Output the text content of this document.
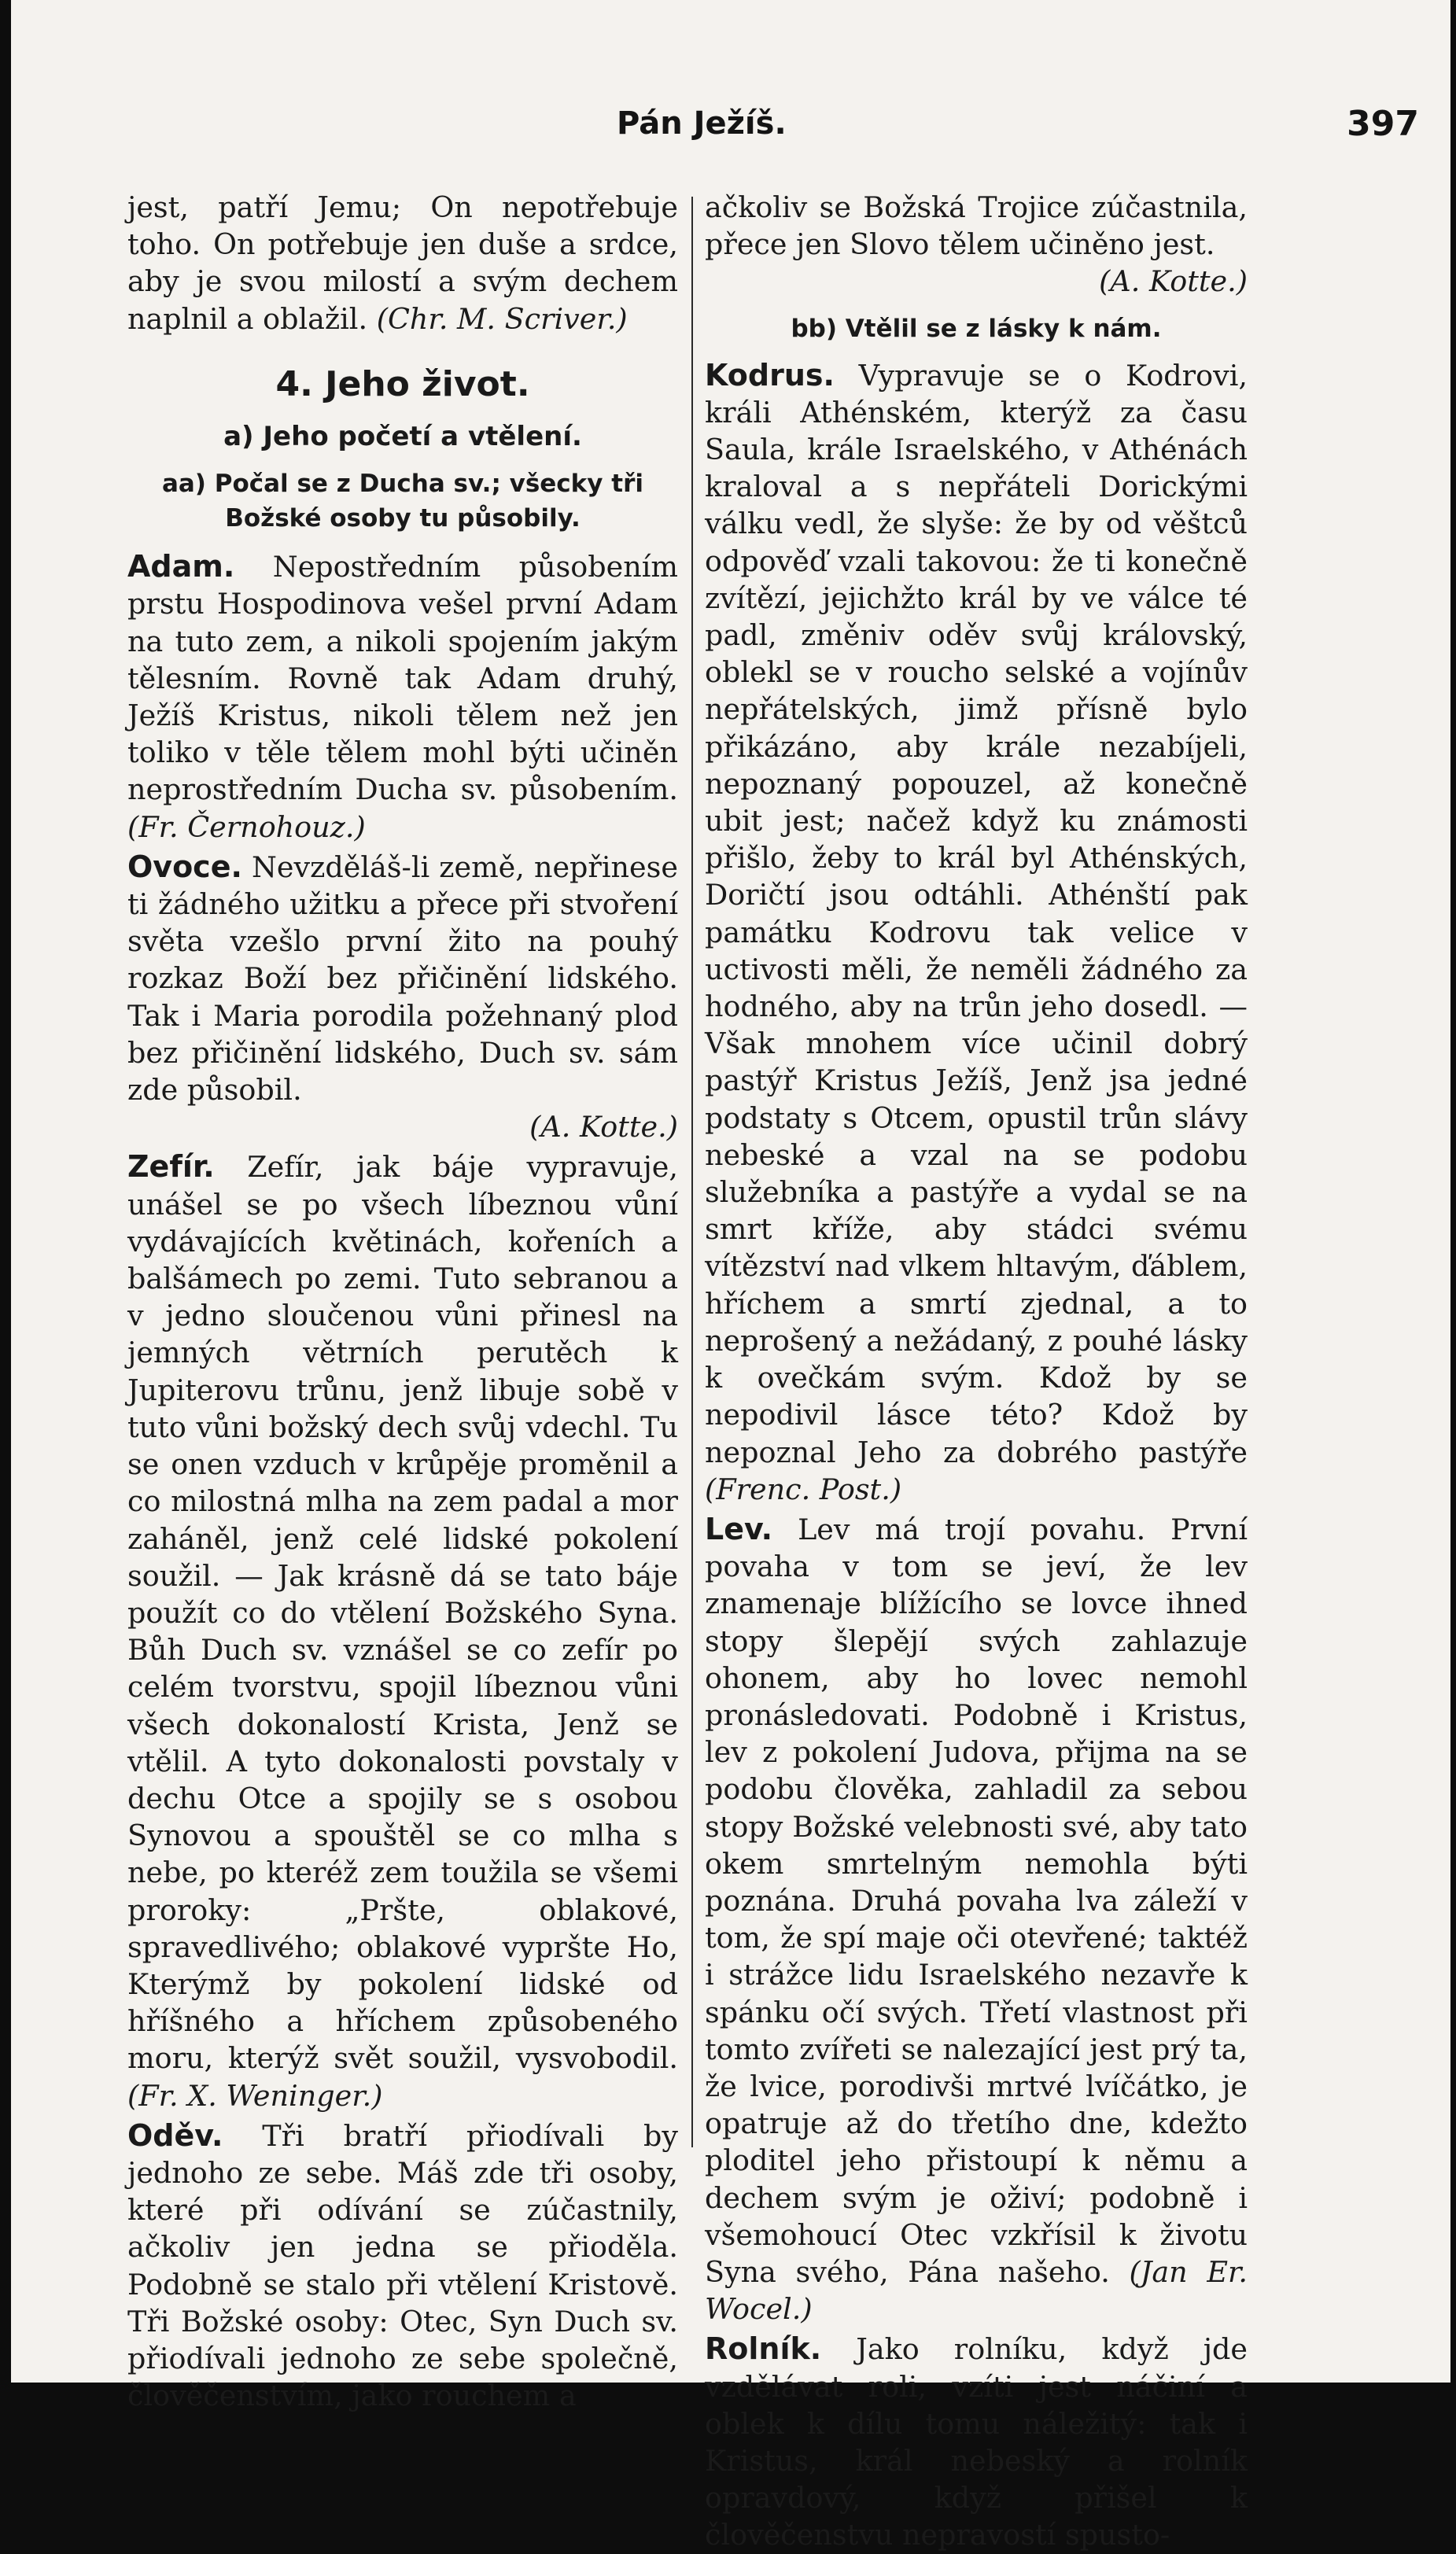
Pán Ježíš.	397

jest, patří Jemu; On nepotřebuje toho. On potřebuje jen duše a srdce, aby je svou milostí a svým dechem naplnil a oblažil. (Chr. M. Scriver.)

4. Jeho život.
a) Jeho početí a vtělení.
aa) Počal se z Ducha sv.; všecky tři Božské osoby tu působily.

Adam. Nepostředním působením prstu Hospodinova vešel první Adam na tuto zem, a nikoli spojením jakým tělesním. Rovně tak Adam druhý, Ježíš Kristus, nikoli tělem než jen toliko v těle tělem mohl býti učiněn neprostředním Ducha sv. působením. (Fr. Černohouz.)

Ovoce. Nevzděláš-li země, nepřinese ti žádného užitku a přece při stvoření světa vzešlo první žito na pouhý rozkaz Boží bez přičinění lidského. Tak i Maria porodila požehnaný plod bez přičinění lidského, Duch sv. sám zde působil.

(A. Kotte.)

Zefír. Zefír, jak báje vypravuje, unášel se po všech líbeznou vůní vydávajících květinách, kořeních a balšámech po zemi. Tuto sebranou a v jedno sloučenou vůni přinesl na jemných větrních perutěch k Jupiterovu trůnu, jenž libuje sobě v tuto vůni božský dech svůj vdechl. Tu se onen vzduch v krůpěje proměnil a co milostná mlha na zem padal a mor zaháněl, jenž celé lidské pokolení soužil. — Jak krásně dá se tato báje použít co do vtělení Božského Syna. Bůh Duch sv. vznášel se co zefír po celém tvorstvu, spojil líbeznou vůni všech dokonalostí Krista, Jenž se vtělil. A tyto dokonalosti povstaly v dechu Otce a spojily se s osobou Synovou a spouštěl se co mlha s nebe, po kteréž zem toužila se všemi proroky: „Pršte, oblakové, spravedlivého; oblakové vypršte Ho, Kterýmž by pokolení lidské od hříšného a hříchem způsobeného moru, kterýž svět soužil, vysvobodil. (Fr. X. Weninger.)

Oděv. Tři bratří přiodívali by jednoho ze sebe. Máš zde tři osoby, které při odívání se zúčastnily, ačkoliv jen jedna se přioděla. Podobně se stalo při vtělení Kristově. Tři Božské osoby: Otec, Syn Duch sv. přiodívali jednoho ze sebe společně, člověčenstvím, jako rouchem a

ačkoliv se Božská Trojice zúčastnila, přece jen Slovo tělem učiněno jest.

(A. Kotte.)

bb) Vtělil se z lásky k nám.

Kodrus. Vypravuje se o Kodrovi, králi Athénském, kterýž za času Saula, krále Israelského, v Athénách kraloval a s nepřáteli Dorickými válku vedl, že slyše: že by od věštců odpověď vzali takovou: že ti konečně zvítězí, jejichžto král by ve válce té padl, změniv oděv svůj královský, oblekl se v roucho selské a vojínův nepřátelských, jimž přísně bylo přikázáno, aby krále nezabíjeli, nepoznaný popouzel, až konečně ubit jest; načež když ku známosti přišlo, žeby to král byl Athénských, Doričtí jsou odtáhli. Athénští pak památku Kodrovu tak velice v uctivosti měli, že neměli žádného za hodného, aby na trůn jeho dosedl. — Však mnohem více učinil dobrý pastýř Kristus Ježíš, Jenž jsa jedné podstaty s Otcem, opustil trůn slávy nebeské a vzal na se podobu služebníka a pastýře a vydal se na smrt kříže, aby stádci svému vítězství nad vlkem hltavým, ďáblem, hříchem a smrtí zjednal, a to neprošený a nežádaný, z pouhé lásky k ovečkám svým. Kdož by se nepodivil lásce této? Kdož by nepoznal Jeho za dobrého pastýře (Frenc. Post.)

Lev. Lev má trojí povahu. První povaha v tom se jeví, že lev znamenaje blížícího se lovce ihned stopy šlepějí svých zahlazuje ohonem, aby ho lovec nemohl pronásledovati. Podobně i Kristus, lev z pokolení Judova, přijma na se podobu člověka, zahladil za sebou stopy Božské velebnosti své, aby tato okem smrtelným nemohla býti poznána. Druhá povaha lva záleží v tom, že spí maje oči otevřené; taktéž i strážce lidu Israelského nezavře k spánku očí svých. Třetí vlastnost při tomto zvířeti se nalezající jest prý ta, že lvice, porodivši mrtvé lvíčátko, je opatruje až do třetího dne, kdežto ploditel jeho přistoupí k němu a dechem svým je oživí; podobně i všemohoucí Otec vzkřísil k životu Syna svého, Pána našeho. (Jan Er. Wocel.)

Rolník. Jako rolníku, když jde vzdělávat roli, vzíti jest náčiní a oblek k dílu tomu náležitý: tak i Kristus, král nebeský a rolník opravdový, když přišel k člověčenstvu nepravostí spusto-
